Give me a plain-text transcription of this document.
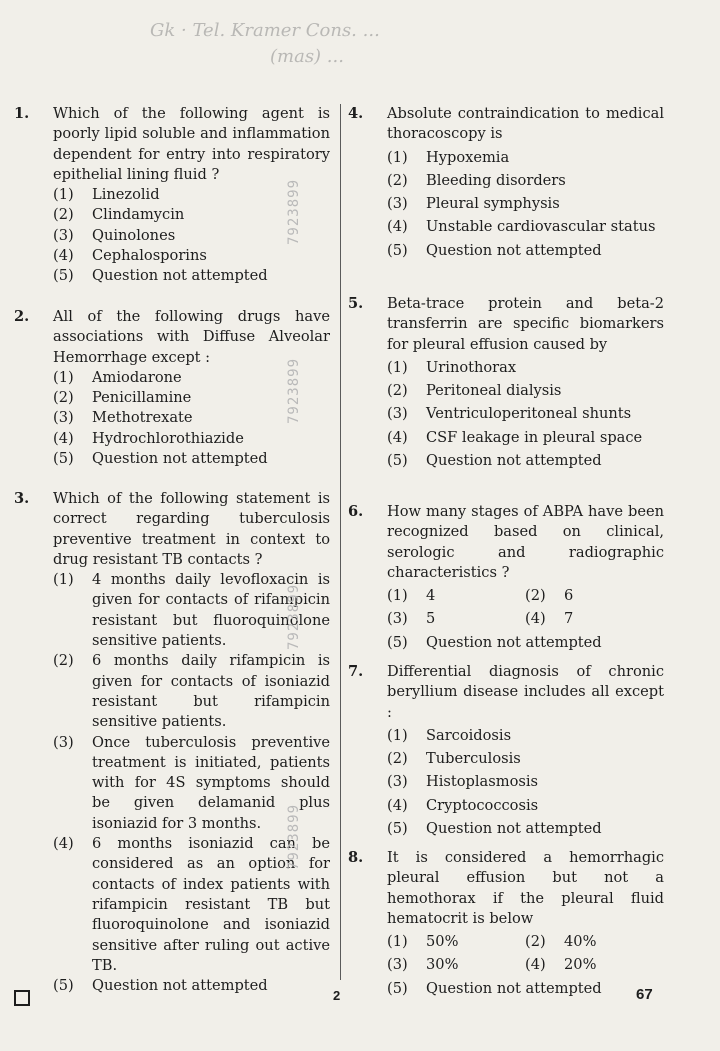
Gk · Tel. Kramer Cons. ...
(mas) ...
1. Which of the following agent is poorly lipid soluble and inflammation dependent for entry into respiratory epithelial lining fluid ?
(1) Linezolid
(2) Clindamycin
(3) Quinolones
(4) Cephalosporins
(5) Question not attempted
2. All of the following drugs have associations with Diffuse Alveolar Hemorrhage except :
(1) Amiodarone
(2) Penicillamine
(3) Methotrexate
(4) Hydrochlorothiazide
(5) Question not attempted
3. Which of the following statement is correct regarding tuberculosis preventive treatment in context to drug resistant TB contacts ?
(1) 4 months daily levofloxacin is given for contacts of rifampicin resistant but fluoroquinolone sensitive patients.
(2) 6 months daily rifampicin is given for contacts of isoniazid resistant but rifampicin sensitive patients.
(3) Once tuberculosis preventive treatment is initiated, patients with for 4S symptoms should be given delamanid plus isoniazid for 3 months.
(4) 6 months isoniazid can be considered as an option for contacts of index patients with rifampicin resistant TB but fluoroquinolone and isoniazid sensitive after ruling out active TB.
(5) Question not attempted
4. Absolute contraindication to medical thoracoscopy is
(1) Hypoxemia
(2) Bleeding disorders
(3) Pleural symphysis
(4) Unstable cardiovascular status
(5) Question not attempted
5. Beta-trace protein and beta-2 transferrin are specific biomarkers for pleural effusion caused by
(1) Urinothorax
(2) Peritoneal dialysis
(3) Ventriculoperitoneal shunts
(4) CSF leakage in pleural space
(5) Question not attempted
6. How many stages of ABPA have been recognized based on clinical, serologic and radiographic characteristics ?
(1) 4	(2) 6
(3) 5	(4) 7
(5) Question not attempted
7. Differential diagnosis of chronic beryllium disease includes all except :
(1) Sarcoidosis
(2) Tuberculosis
(3) Histoplasmosis
(4) Cryptococcosis
(5) Question not attempted
8. It is considered a hemorrhagic pleural effusion but not a hemothorax if the pleural fluid hematocrit is below
(1) 50%	(2) 40%
(3) 30%	(4) 20%
(5) Question not attempted
7923899
7923899
7923899
7923899
2	67
